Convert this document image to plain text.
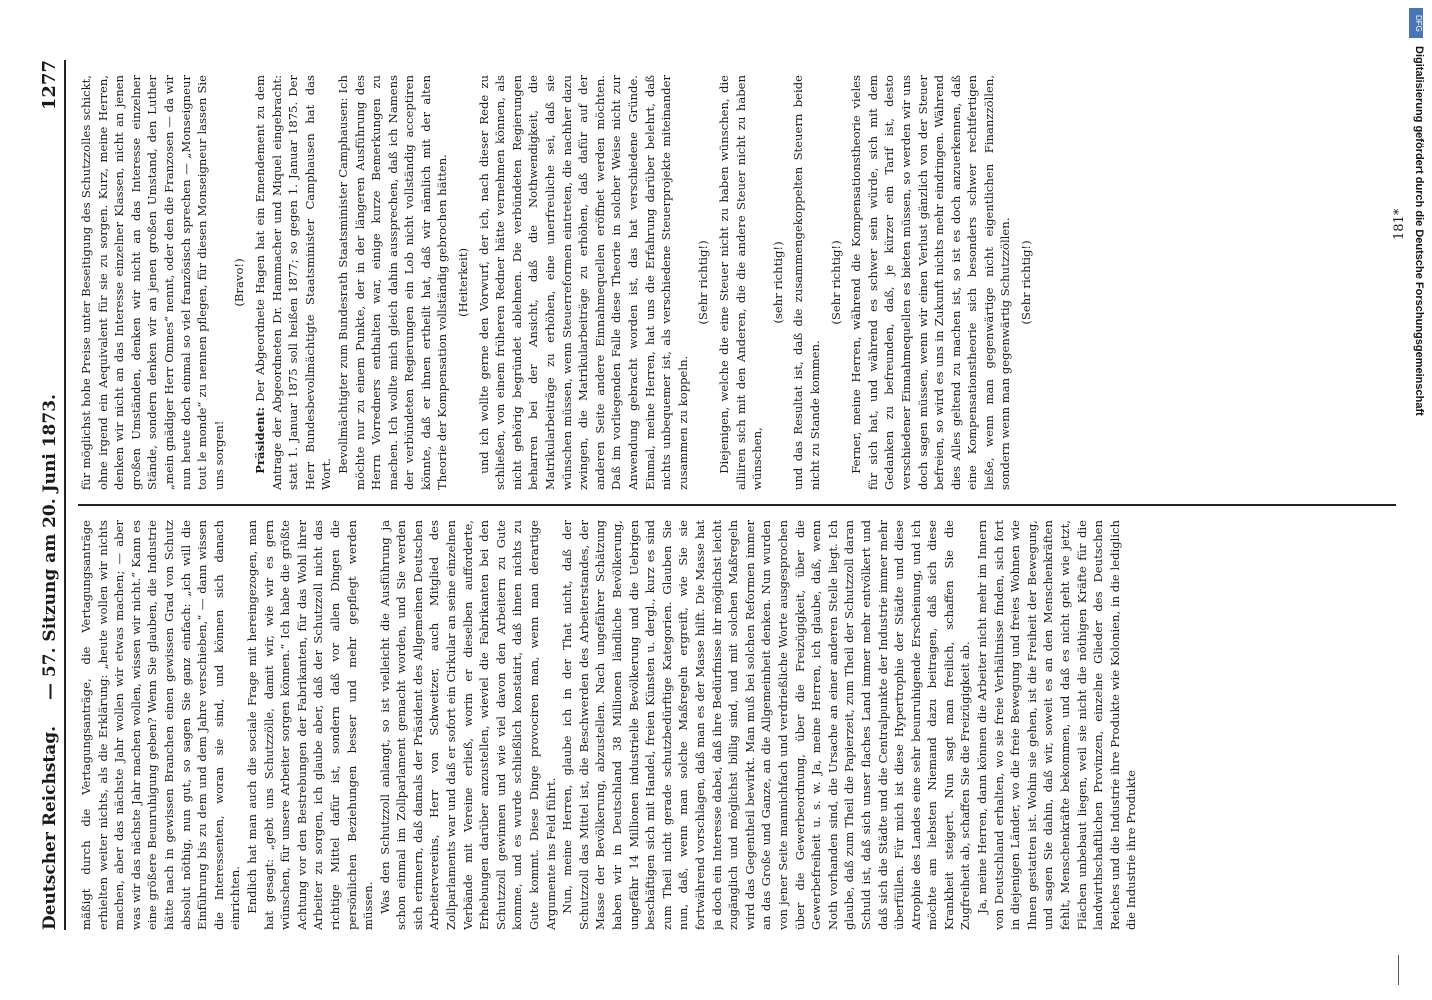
Deutscher Reichstag.
— 57. Sitzung am 20. Juni 1873.
1277

mäßigt durch die Vertagungsanträge, die Vertagungsanträge erhielten weiter nichts, als die Erklärung: „heute wollen wir nichts machen, aber das nächste Jahr wollen wir etwas machen; — aber was wir das nächste Jahr machen wollen, wissen wir nicht.“ Kann es eine größere Beunruhigung geben? Wenn Sie glauben, die Industrie hätte nach in gewissen Branchen einen gewissen Grad von Schutz absolut nöthig, nun gut, so sagen Sie ganz einfach: „ich will die Einführung bis zu dem und dem Jahre verschieben,“ — dann wissen die Interessenten, woran sie sind, und können sich danach einrichten. Endlich hat man auch die sociale Frage mit hereingezogen, man hat gesagt: „gebt uns Schutzzölle, damit wir, wie wir es gern wünschen, für unsere Arbeiter sorgen können.“ Ich habe die größte Achtung vor den Bestrebungen der Fabrikanten, für das Wohl ihrer Arbeiter zu sorgen, ich glaube aber, daß der Schutzzoll nicht das richtige Mittel dafür ist, sondern daß vor allen Dingen die persönlichen Beziehungen besser und mehr gepflegt werden müssen. Was den Schutzzoll anlangt, so ist vielleicht die Ausführung ja schon einmal im Zollparlament gemacht worden, und Sie werden sich erinnern, daß damals der Präsident des Allgemeinen Deutschen Arbeitervereins, Herr von Schweitzer, auch Mitglied des Zollparlaments war und daß er sofort ein Cirkular an seine einzelnen Verbände mit Vereine erließ, worin er dieselben aufforderte, Erhebungen darüber anzustellen, wieviel die Fabrikanten bei den Schutzzoll gewinnen und wie viel davon den Arbeitern zu Gute komme, und es wurde schließlich konstatirt, daß ihnen nichts zu Gute kommt. Diese Dinge provociren man, wenn man derartige Argumente ins Feld führt. Nun, meine Herren, glaube ich in der That nicht, daß der Schutzzoll das Mittel ist, die Beschwerden des Arbeiterstandes, der Masse der Bevölkerung, abzustellen. Nach ungefährer Schätzung haben wir in Deutschland 38 Millionen ländliche Bevölkerung, ungefähr 14 Millionen industrielle Bevölkerung und die Uebrigen beschäftigen sich mit Handel, freien Künsten u. dergl., kurz es sind zum Theil nicht gerade schutzbedürftige Kategorien. Glauben Sie nun, daß, wenn man solche Maßregeln ergreift, wie Sie sie fortwährend vorschlagen, daß man es der Masse hilft. Die Masse hat ja doch ein Interesse dabei, daß ihre Bedürfnisse ihr möglichst leicht zugänglich und möglichst billig sind, und mit solchen Maßregeln wird das Gegentheil bewirkt. Man muß bei solchen Reformen immer an das Große und Ganze, an die Allgemeinheit denken. Nun wurden von jener Seite mannichfach und verdrießliche Worte ausgesprochen über die Gewerbeordnung, über die Freizügigkeit, über die Gewerbefreiheit u. s. w. Ja, meine Herren, ich glaube, daß, wenn Noth vorhanden sind, die Ursache an einer anderen Stelle liegt. Ich glaube, daß zum Theil die Papierzeit, zum Theil der Schutzzoll daran Schuld ist, daß sich unser flaches Land immer mehr entvölkert und daß sich die Städte und die Centralpunkte der Industrie immer mehr überfüllen. Für mich ist diese Hypertrophie der Städte und diese Atrophie des Landes eine sehr beunruhigende Erscheinung, und ich möchte am liebsten Niemand dazu beitragen, daß sich diese Krankheit steigert. Nun sagt man freilich, schaffen Sie die Zugfreiheit ab, schaffen Sie die Freizügigkeit ab. Ja, meine Herren, dann können die Arbeiter nicht mehr im Innern von Deutschland erhalten, wo sie freie Verhältnisse finden, sich fort in diejenigen Länder, wo die freie Bewegung und freies Wohnen wie Ihnen gestatten ist. Wohin sie gehen, ist die Freiheit der Bewegung, und sagen Sie dahin, daß wir, soweit es an den Menschenkräften fehlt, Menschenkräfte bekommen, und daß es nicht geht wie jetzt, Flächen unbebaut liegen, weil sie nicht die nöthigen Kräfte für die landwirthschaftlichen Provinzen, einzelne Glieder des Deutschen Reiches und die Industrie ihre Produkte wie Kolonien, in die lediglich die Industrie ihre Produkte

für möglichst hohe Preise unter Beseitigung des Schutzzolles schickt, ohne irgend ein Aequivalent für sie zu sorgen. Kurz, meine Herren, denken wir nicht an das Interesse einzelner Klassen, nicht an jenen großen Umständen, denken wir nicht an das Interesse einzelner Stände, sondern denken wir an jenen großen Umstand, den Luther „mein gnädiger Herr Omnes“ nennt, oder den die Franzosen — da wir nun heute doch einmal so viel französisch sprechen — „Monseigneur tout le monde“ zu nennen pflegen, für diesen Monseigneur lassen Sie uns sorgen!

(Bravo!)

Präsident: Der Abgeordnete Hagen hat ein Emendement zu dem Antrage der Abgeordneten Dr. Hammacher und Miquel eingebracht: statt 1. Januar 1875 soll heißen 1877; so gegen 1. Januar 1875. Der Herr Bundesbevollmächtigte Staatsminister Camphausen hat das Wort.

Bevollmächtigter zum Bundesrath Staatsminister Camphausen: Ich möchte nur zu einem Punkte, der in der längeren Ausführung des Herrn Vorredners enthalten war, einige kurze Bemerkungen zu machen. Ich wollte mich gleich dahin aussprechen, daß ich Namens der verbündeten Regierungen ein Lob nicht vollständig acceptiren könnte, daß er ihnen ertheilt hat, daß wir nämlich mit der alten Theorie der Kompensation vollständig gebrochen hätten. (Heiterkeit) und ich wollte gerne den Vorwurf, der ich, nach dieser Rede zu schließen, von einem früheren Redner hätte vernehmen können, als nicht gehörig begründet ablehnen. Die verbündeten Regierungen beharren bei der Ansicht, daß die Nothwendigkeit, die Matrikularbeiträge zu erhöhen, eine unerfreuliche sei, daß sie wünschen müssen, wenn Steuerreformen eintreten, die nachher dazu zwingen, die Matrikularbeiträge zu erhöhen, daß dafür auf der anderen Seite andere Einnahmequellen eröffnet werden möchten. Daß im vorliegenden Falle diese Theorie in solcher Weise nicht zur Anwendung gebracht worden ist, das hat verschiedene Gründe. Einmal, meine Herren, hat uns die Erfahrung darüber belehrt, daß nichts unbequemer ist, als verschiedene Steuerprojekte miteinander zusammen zu koppeln.

(Sehr richtig!) Diejenigen, welche die eine Steuer nicht zu haben wünschen, die alliiren sich mit den Anderen, die die andere Steuer nicht zu haben wünschen,

(sehr richtig!) und das Resultat ist, daß die zusammengekoppelten Steuern beide nicht zu Stande kommen.

(Sehr richtig!) Ferner, meine Herren, während die Kompensationstheorie vieles für sich hat, und während es schwer sein würde, sich mit dem Gedanken zu befreunden, daß, je kürzer ein Tarif ist, desto verschiedener Einnahmequellen es bieten müssen, so werden wir uns doch sagen müssen, wenn wir einen Verlust gänzlich von der Steuer befreien, so wird es uns in Zukunft nichts mehr eindringen. Während dies Alles geltend zu machen ist, so ist es doch anzuerkennen, daß eine Kompensationstheorie sich besonders schwer rechtfertigen ließe, wenn man gegenwärtige nicht eigentlichen Finanzzöllen, sondern wenn man gegenwärtig Schutzzöllen. (Sehr richtig!)

181*
DFG
Digitalisierung gefördert durch die Deutsche Forschungsgemeinschaft
